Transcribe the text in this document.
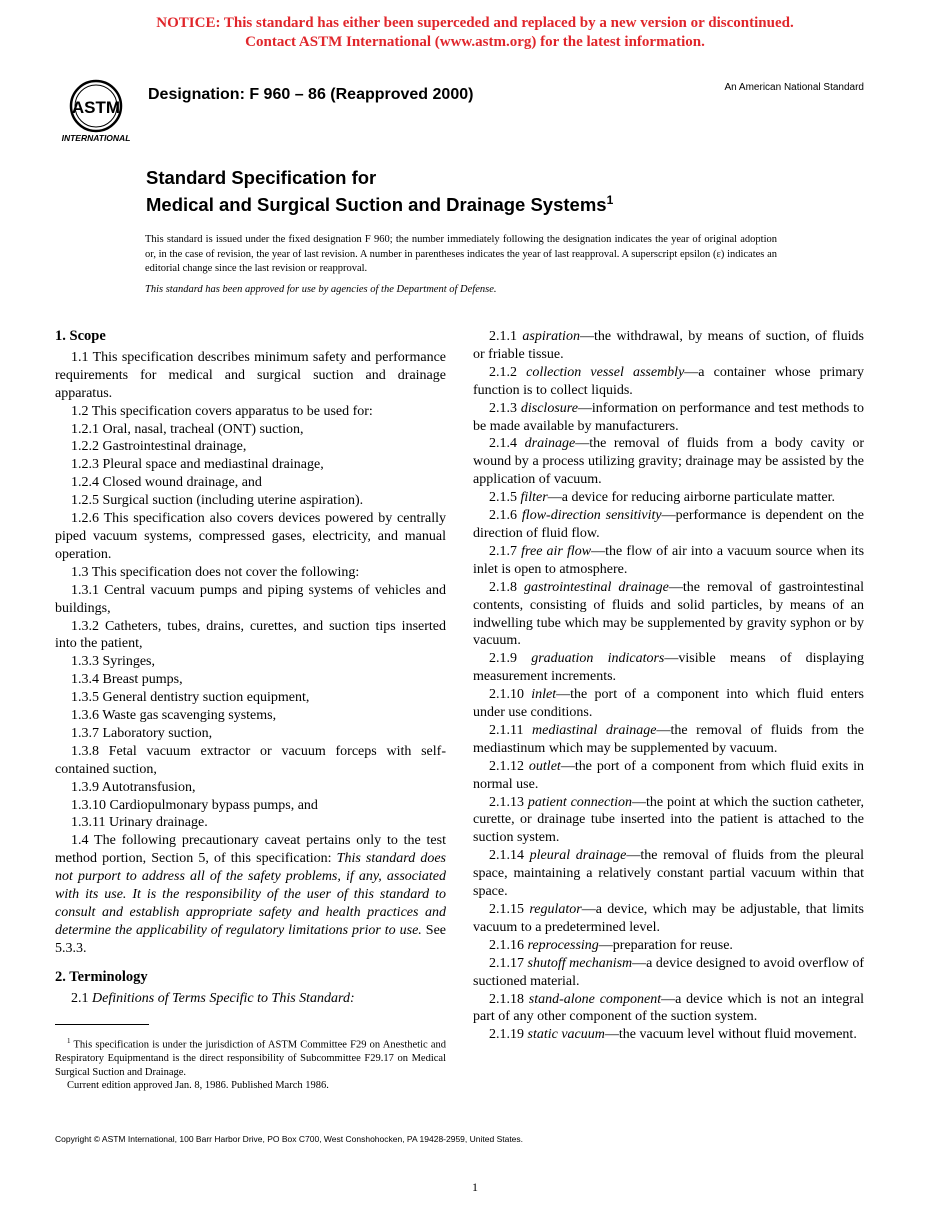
NOTICE: This standard has either been superceded and replaced by a new version or discontinued.
Contact ASTM International (www.astm.org) for the latest information.
ASTM
INTERNATIONAL
Designation: F 960 – 86 (Reapproved 2000)	An American National Standard
Standard Specification for
Medical and Surgical Suction and Drainage Systems$^1$
This standard is issued under the fixed designation F 960; the number immediately following the designation indicates the year of original adoption or, in the case of revision, the year of last revision. A number in parentheses indicates the year of last reapproval. A superscript epsilon (ε) indicates an editorial change since the last revision or reapproval.
This standard has been approved for use by agencies of the Department of Defense.
1. Scope

1.1 This specification describes minimum safety and performance requirements for medical and surgical suction and drainage apparatus.

1.2 This specification covers apparatus to be used for:

1.2.1 Oral, nasal, tracheal (ONT) suction,

1.2.2 Gastrointestinal drainage,

1.2.3 Pleural space and mediastinal drainage,

1.2.4 Closed wound drainage, and

1.2.5 Surgical suction (including uterine aspiration).

1.2.6 This specification also covers devices powered by centrally piped vacuum systems, compressed gases, electricity, and manual operation.

1.3 This specification does not cover the following:

1.3.1 Central vacuum pumps and piping systems of vehicles and buildings,

1.3.2 Catheters, tubes, drains, curettes, and suction tips inserted into the patient,

1.3.3 Syringes,

1.3.4 Breast pumps,

1.3.5 General dentistry suction equipment,

1.3.6 Waste gas scavenging systems,

1.3.7 Laboratory suction,

1.3.8 Fetal vacuum extractor or vacuum forceps with self-contained suction,

1.3.9 Autotransfusion,

1.3.10 Cardiopulmonary bypass pumps, and

1.3.11 Urinary drainage.

1.4 The following precautionary caveat pertains only to the test method portion, Section 5, of this specification: This standard does not purport to address all of the safety problems, if any, associated with its use. It is the responsibility of the user of this standard to consult and establish appropriate safety and health practices and determine the applicability of regulatory limitations prior to use. See 5.3.3.

2. Terminology

2.1 Definitions of Terms Specific to This Standard:

2.1.1 aspiration—the withdrawal, by means of suction, of fluids or friable tissue.

2.1.2 collection vessel assembly—a container whose primary function is to collect liquids.

2.1.3 disclosure—information on performance and test methods to be made available by manufacturers.

2.1.4 drainage—the removal of fluids from a body cavity or wound by a process utilizing gravity; drainage may be assisted by the application of vacuum.

2.1.5 filter—a device for reducing airborne particulate matter.

2.1.6 flow-direction sensitivity—performance is dependent on the direction of fluid flow.

2.1.7 free air flow—the flow of air into a vacuum source when its inlet is open to atmosphere.

2.1.8 gastrointestinal drainage—the removal of gastrointestinal contents, consisting of fluids and solid particles, by means of an indwelling tube which may be supplemented by gravity syphon or by vacuum.

2.1.9 graduation indicators—visible means of displaying measurement increments.

2.1.10 inlet—the port of a component into which fluid enters under use conditions.

2.1.11 mediastinal drainage—the removal of fluids from the mediastinum which may be supplemented by vacuum.

2.1.12 outlet—the port of a component from which fluid exits in normal use.

2.1.13 patient connection—the point at which the suction catheter, curette, or drainage tube inserted into the patient is attached to the suction system.

2.1.14 pleural drainage—the removal of fluids from the pleural space, maintaining a relatively constant partial vacuum within that space.

2.1.15 regulator—a device, which may be adjustable, that limits vacuum to a predetermined level.

2.1.16 reprocessing—preparation for reuse.

2.1.17 shutoff mechanism—a device designed to avoid overflow of suctioned material.

2.1.18 stand-alone component—a device which is not an integral part of any other component of the suction system.

2.1.19 static vacuum—the vacuum level without fluid movement.

$^1$ This specification is under the jurisdiction of ASTM Committee F29 on Anesthetic and Respiratory Equipmentand is the direct responsibility of Subcommittee F29.17 on Medical Surgical Suction and Drainage.

Current edition approved Jan. 8, 1986. Published March 1986.

Copyright © ASTM International, 100 Barr Harbor Drive, PO Box C700, West Conshohocken, PA 19428-2959, United States.
1
